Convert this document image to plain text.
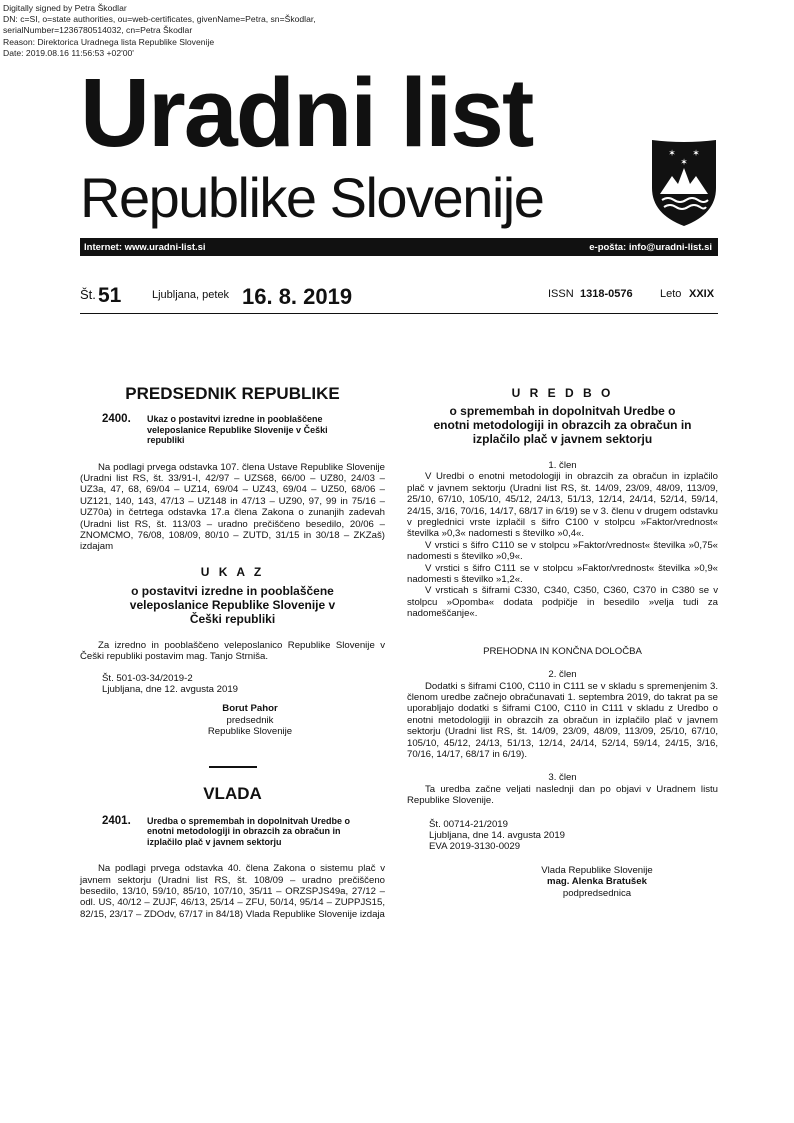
Digitally signed by Petra Škodlar
DN: c=SI, o=state authorities, ou=web-certificates, givenName=Petra, sn=Škodlar,
serialNumber=1236780514032, cn=Petra Škodlar
Reason: Direktorica Uradnega lista Republike Slovenije
Date: 2019.08.16 11:56:53 +02'00'
Uradni list
Republike Slovenije
✶ ✶
✶
Internet: www.uradni-list.si	e-pošta: info@uradni-list.si
Št. 51	Ljubljana, petek 16. 8. 2019	ISSN 1318-0576 Leto XXIX
PREDSEDNIK REPUBLIKE
2400.	Ukaz o postavitvi izredne in pooblaščene veleposlanice Republike Slovenije v Češki republiki

Na podlagi prvega odstavka 107. člena Ustave Republike Slovenije (Uradni list RS, št. 33/91-I, 42/97 – UZS68, 66/00 – UZ80, 24/03 – UZ3a, 47, 68, 69/04 – UZ14, 69/04 – UZ43, 69/04 – UZ50, 68/06 – UZ121, 140, 143, 47/13 – UZ148 in 47/13 – UZ90, 97, 99 in 75/16 – UZ70a) in četrtega odstavka 17.a člena Zakona o zunanjih zadevah (Uradni list RS, št. 113/03 – uradno prečiščeno besedilo, 20/06 – ZNOMCMO, 76/08, 108/09, 80/10 – ZUTD, 31/15 in 30/18 – ZKZaš) izdajam

U K A Z
o postavitvi izredne in pooblaščene veleposlanice Republike Slovenije v Češki republiki

Za izredno in pooblaščeno veleposlanico Republike Slovenije v Češki republiki postavim mag. Tanjo Strniša.

Št. 501-03-34/2019-2
Ljubljana, dne 12. avgusta 2019
Borut Pahor
predsednik
Republike Slovenije
VLADA
2401.	Uredba o spremembah in dopolnitvah Uredbe o enotni metodologiji in obrazcih za obračun in izplačilo plač v javnem sektorju

Na podlagi prvega odstavka 40. člena Zakona o sistemu plač v javnem sektorju (Uradni list RS, št. 108/09 – uradno prečiščeno besedilo, 13/10, 59/10, 85/10, 107/10, 35/11 – ORZSPJS49a, 27/12 – odl. US, 40/12 – ZUJF, 46/13, 25/14 – ZFU, 50/14, 95/14 – ZUPPJS15, 82/15, 23/17 – ZDOdv, 67/17 in 84/18) Vlada Republike Slovenije izdaja

U R E D B O
o spremembah in dopolnitvah Uredbe o enotni metodologiji in obrazcih za obračun in izplačilo plač v javnem sektorju
1. člen

V Uredbi o enotni metodologiji in obrazcih za obračun in izplačilo plač v javnem sektorju (Uradni list RS, št. 14/09, 23/09, 48/09, 113/09, 25/10, 67/10, 105/10, 45/12, 24/13, 51/13, 12/14, 24/14, 52/14, 59/14, 24/15, 3/16, 70/16, 14/17, 68/17 in 6/19) se v 3. členu v drugem odstavku v preglednici vrste izplačil s šifro C100 v stolpcu »Faktor/vrednost« številka »0,3« nadomesti s številko »0,4«.

V vrstici s šifro C110 se v stolpcu »Faktor/vrednost« številka »0,75« nadomesti s številko »0,9«.

V vrstici s šifro C111 se v stolpcu »Faktor/vrednost« številka »0,9« nadomesti s številko »1,2«.

V vrsticah s šiframi C330, C340, C350, C360, C370 in C380 se v stolpcu »Opomba« dodata podpičje in besedilo »velja tudi za nadomeščanje«.

PREHODNA IN KONČNA DOLOČBA
2. člen

Dodatki s šiframi C100, C110 in C111 se v skladu s spremenjenim 3. členom uredbe začnejo obračunavati 1. septembra 2019, do takrat pa se uporabljajo dodatki s šiframi C100, C110 in C111 v skladu z Uredbo o enotni metodologiji in obrazcih za obračun in izplačilo plač v javnem sektorju (Uradni list RS, št. 14/09, 23/09, 48/09, 113/09, 25/10, 67/10, 105/10, 45/12, 24/13, 51/13, 12/14, 24/14, 52/14, 59/14, 24/15, 3/16, 70/16, 14/17, 68/17 in 6/19).

3. člen

Ta uredba začne veljati naslednji dan po objavi v Uradnem listu Republike Slovenije.

Št. 00714-21/2019
Ljubljana, dne 14. avgusta 2019
EVA 2019-3130-0029
Vlada Republike Slovenije
mag. Alenka Bratušek
podpredsednica
